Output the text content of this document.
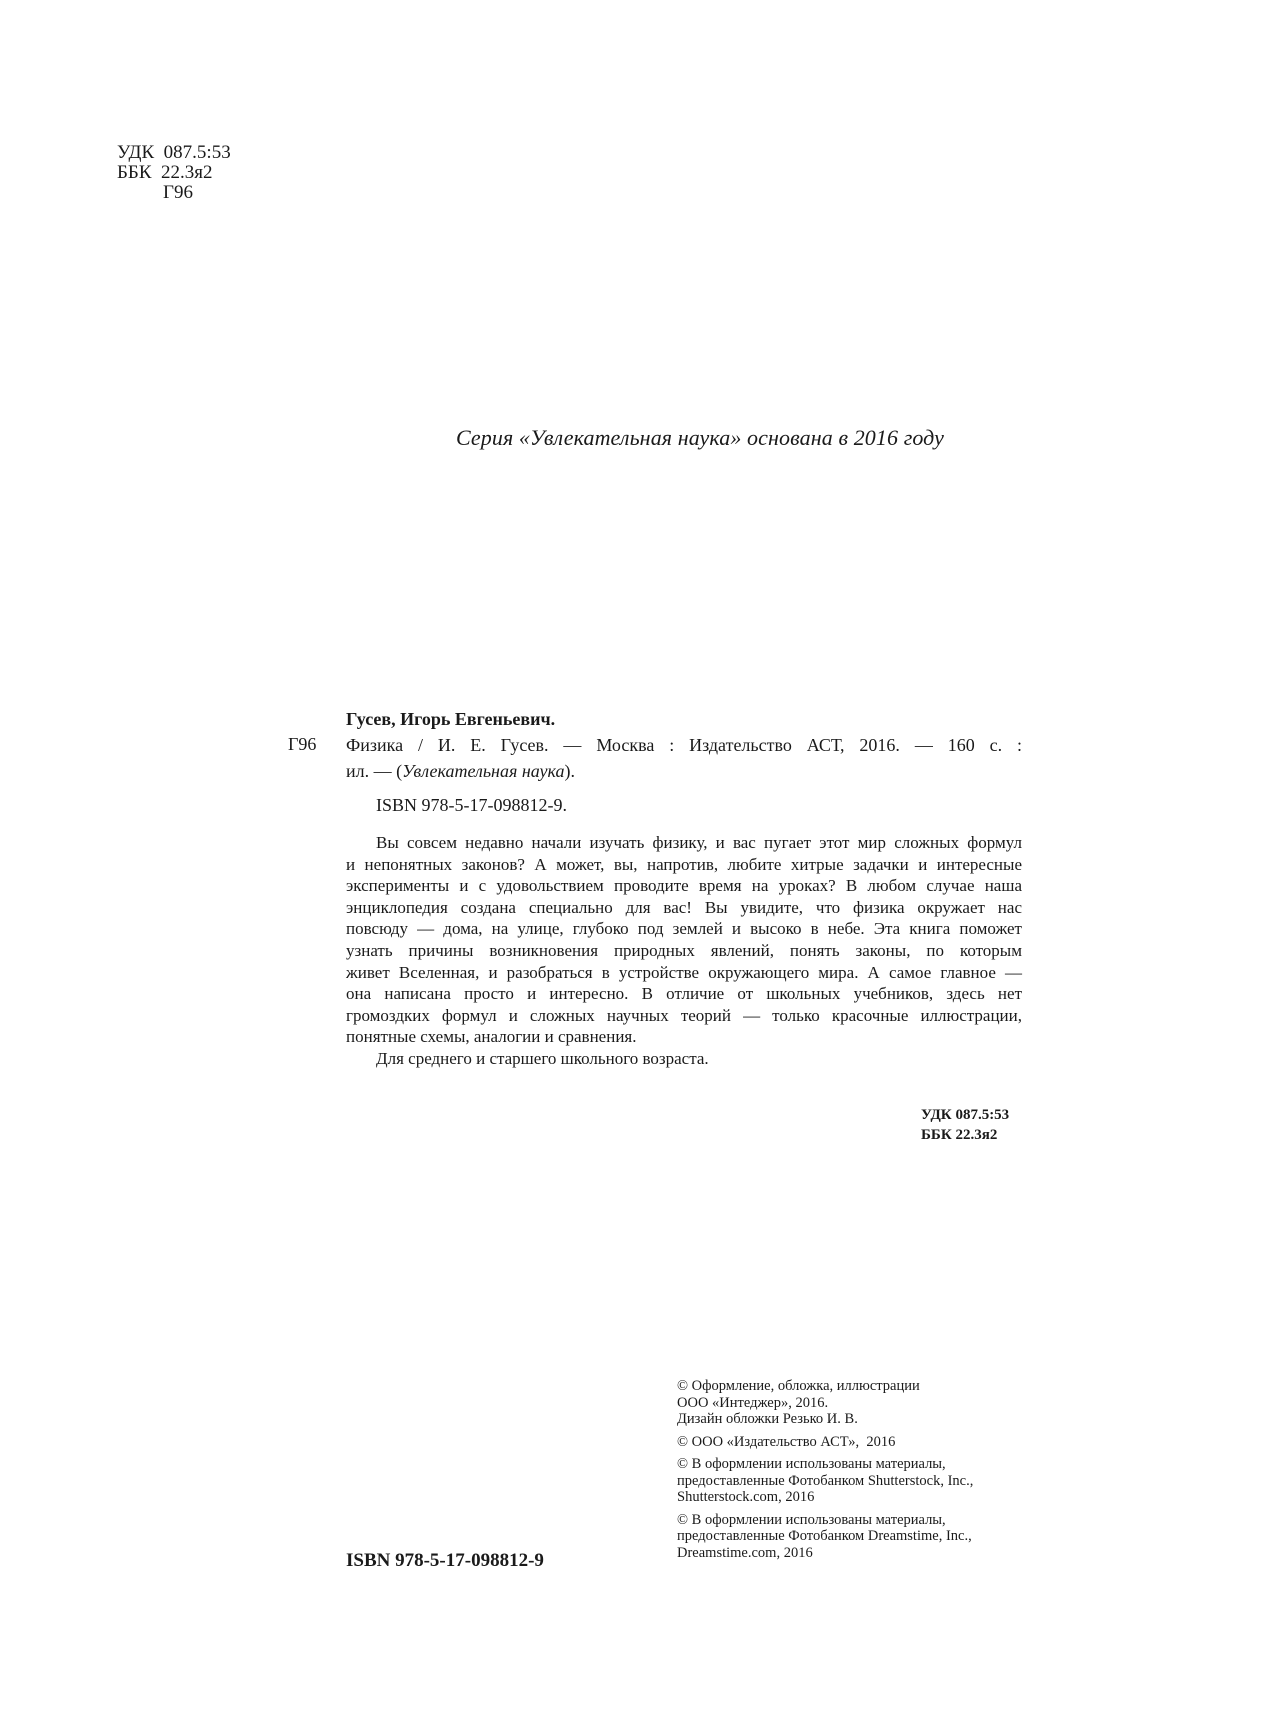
УДК  087.5:53
ББК  22.3я2
Г96
Серия «Увлекательная наука» основана в 2016 году
Г96
Гусев, Игорь Евгеньевич.
Физика / И. Е. Гусев. — Москва : Издательство АСТ, 2016. — 160 с. :
ил. — (Увлекательная наука).
ISBN 978-5-17-098812-9.
Вы совсем недавно начали изучать физику, и вас пугает этот мир сложных формул
и непонятных законов? А может, вы, напротив, любите хитрые задачки и интересные
эксперименты и с удовольствием проводите время на уроках? В любом случае наша
энциклопедия создана специально для вас! Вы увидите, что физика окружает нас
повсюду — дома, на улице, глубоко под землей и высоко в небе. Эта книга поможет
узнать причины возникновения природных явлений, понять законы, по которым
живет Вселенная, и разобраться в устройстве окружающего мира. А самое главное —
она написана просто и интересно. В отличие от школьных учебников, здесь нет
громоздких формул и сложных научных теорий — только красочные иллюстрации,
понятные схемы, аналогии и сравнения.
Для среднего и старшего школьного возраста.
УДК 087.5:53
ББК 22.3я2
© Оформление, обложка, иллюстрации
ООО «Интеджер», 2016.
Дизайн обложки Резько И. В.
© ООО «Издательство АСТ»,  2016
© В оформлении использованы материалы,
предоставленные Фотобанком Shutterstock, Inc.,
Shutterstock.com, 2016
© В оформлении использованы материалы,
предоставленные Фотобанком Dreamstime, Inc.,
Dreamstime.com, 2016
ISBN 978-5-17-098812-9
